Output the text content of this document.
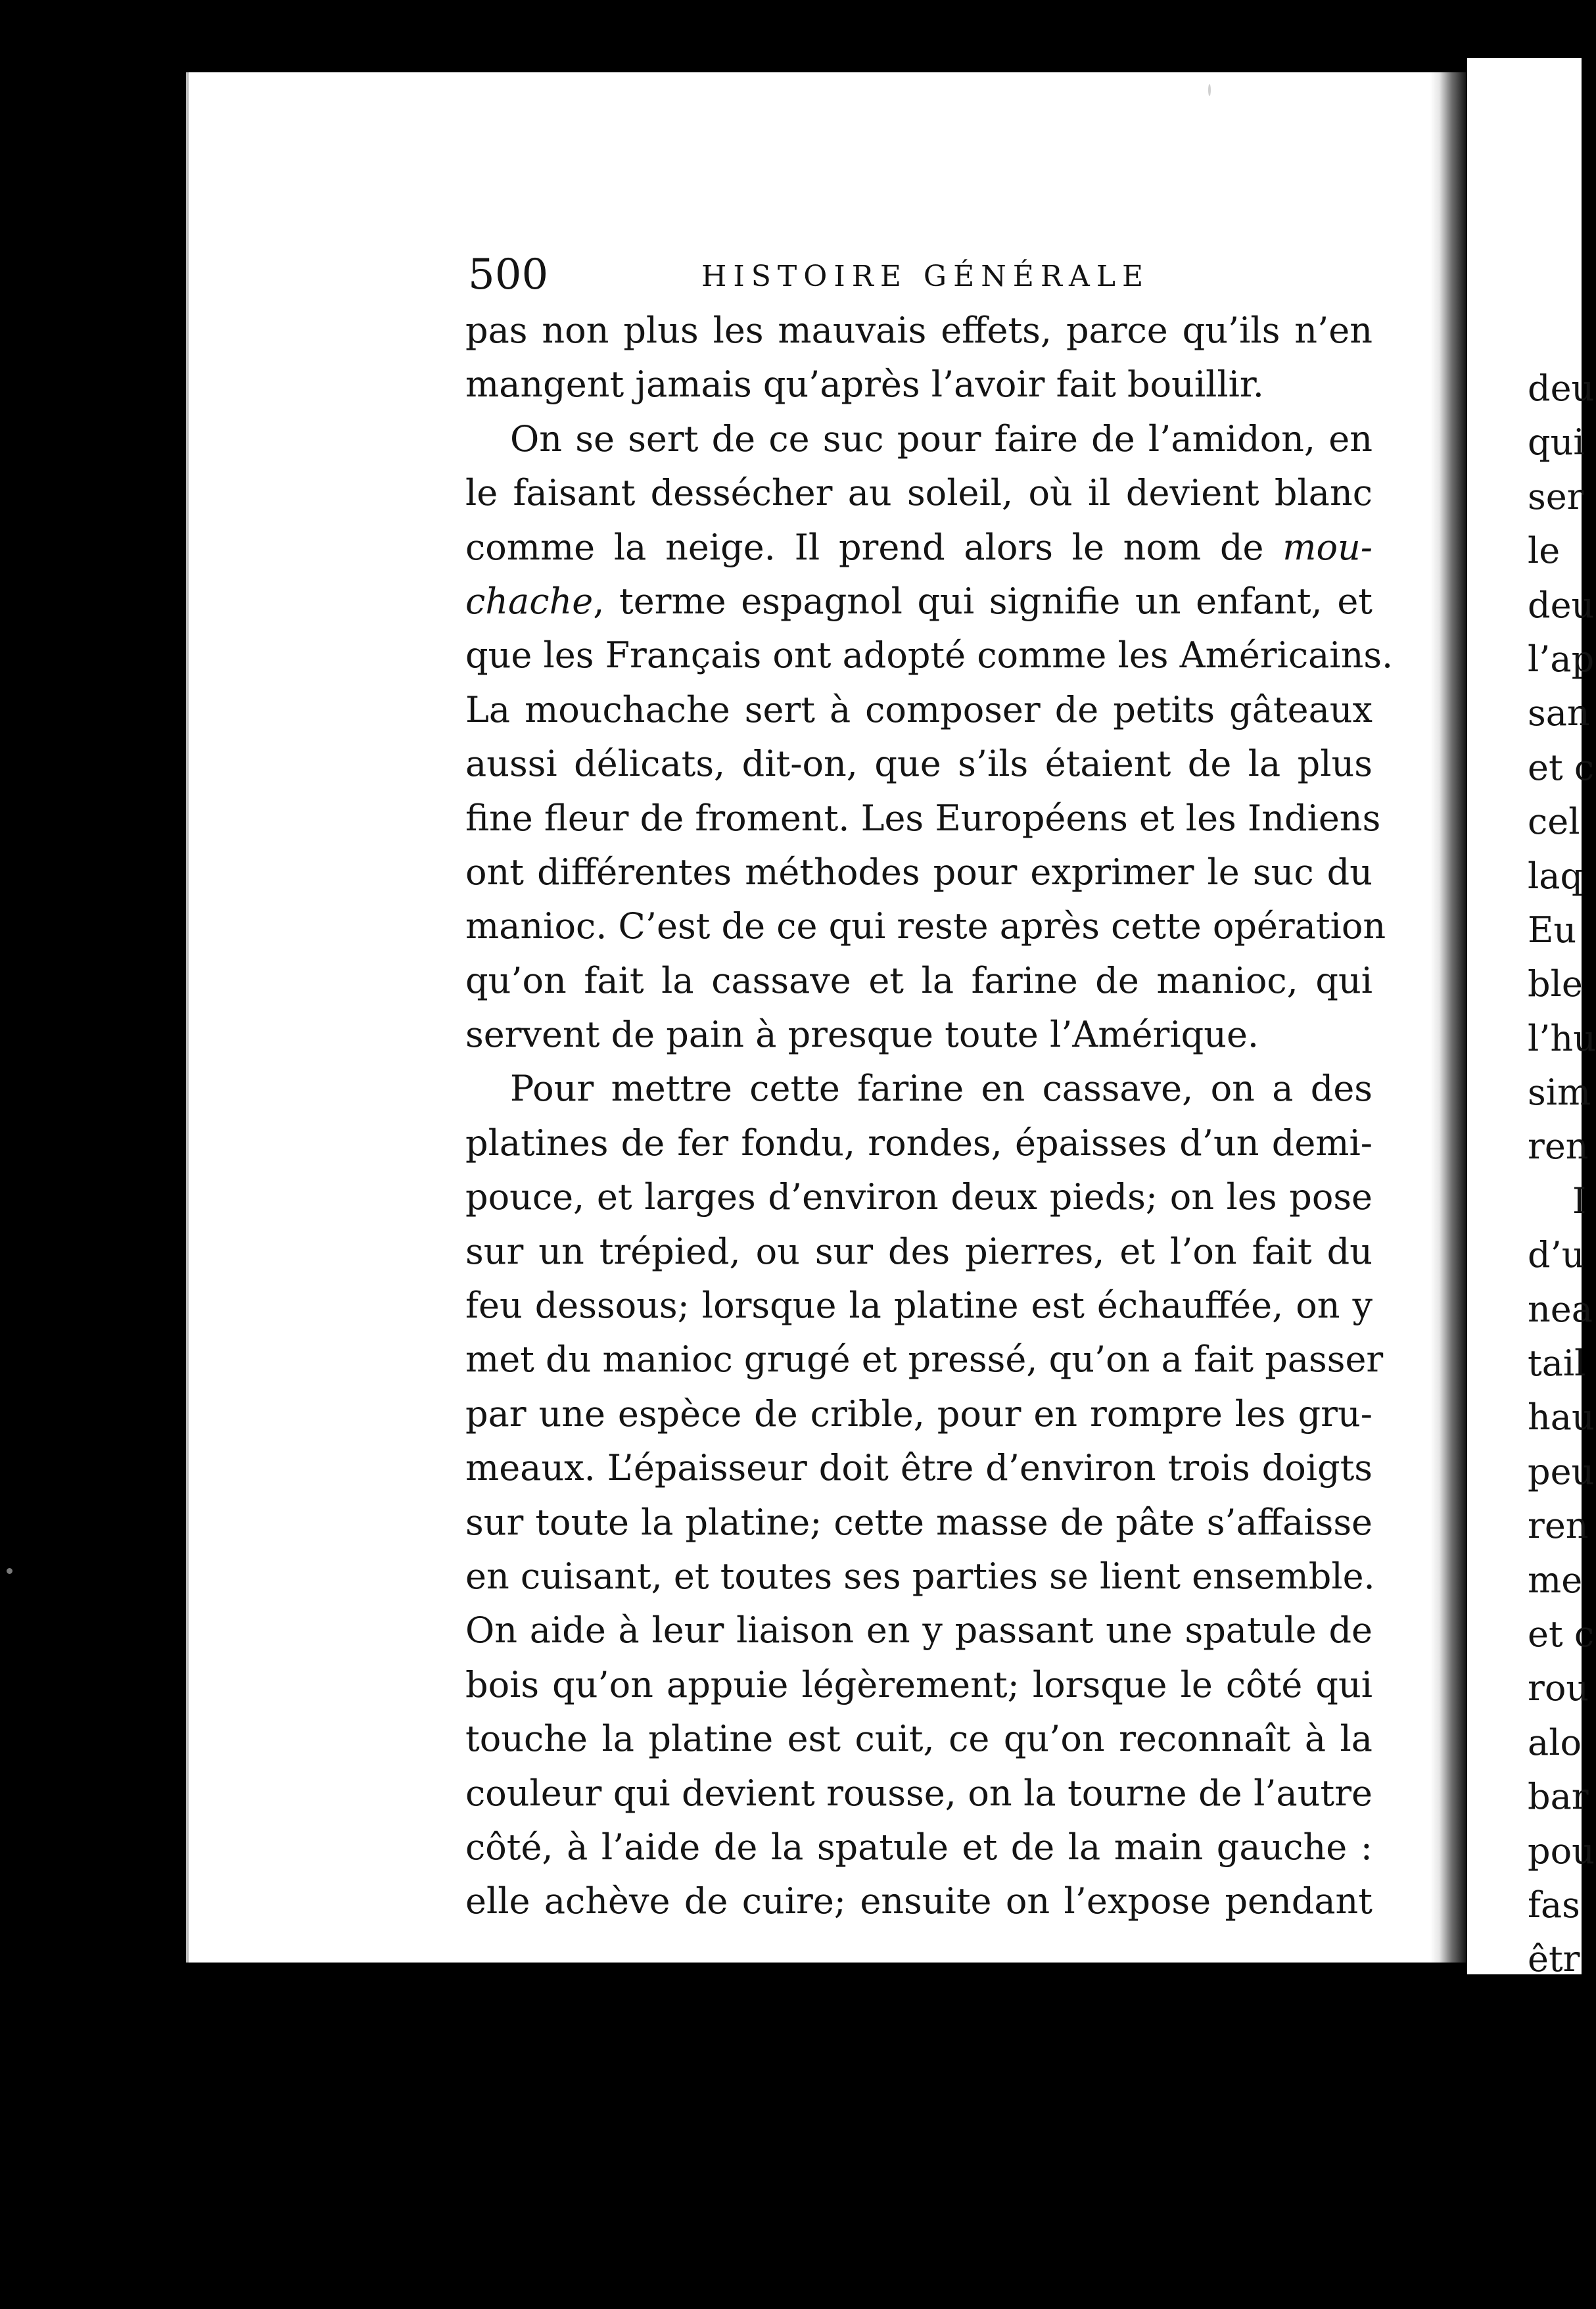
deu
qui
ser
le
deu
l’ap
san
et c
cel
laq
Eu
ble
l’hu
sim
ren
I
d’u
nea
tail
hau
peu
ren
me
et c
rou
alo
bar
pou
fas
êtr
500	HISTOIRE GÉNÉRALE
pas non plus les mauvais effets, parce qu’ils n’en
mangent jamais qu’après l’avoir fait bouillir.
On se sert de ce suc pour faire de l’amidon, en
le faisant dessécher au soleil, où il devient blanc
comme la neige. Il prend alors le nom de mou-
chache, terme espagnol qui signifie un enfant, et
que les Français ont adopté comme les Américains.
La mouchache sert à composer de petits gâteaux
aussi délicats, dit-on, que s’ils étaient de la plus
fine fleur de froment. Les Européens et les Indiens
ont différentes méthodes pour exprimer le suc du
manioc. C’est de ce qui reste après cette opération
qu’on fait la cassave et la farine de manioc, qui
servent de pain à presque toute l’Amérique.
Pour mettre cette farine en cassave, on a des
platines de fer fondu, rondes, épaisses d’un demi-
pouce, et larges d’environ deux pieds; on les pose
sur un trépied, ou sur des pierres, et l’on fait du
feu dessous; lorsque la platine est échauffée, on y
met du manioc grugé et pressé, qu’on a fait passer
par une espèce de crible, pour en rompre les gru-
meaux. L’épaisseur doit être d’environ trois doigts
sur toute la platine; cette masse de pâte s’affaisse
en cuisant, et toutes ses parties se lient ensemble.
On aide à leur liaison en y passant une spatule de
bois qu’on appuie légèrement; lorsque le côté qui
touche la platine est cuit, ce qu’on reconnaît à la
couleur qui devient rousse, on la tourne de l’autre
côté, à l’aide de la spatule et de la main gauche :
elle achève de cuire; ensuite on l’expose pendant
